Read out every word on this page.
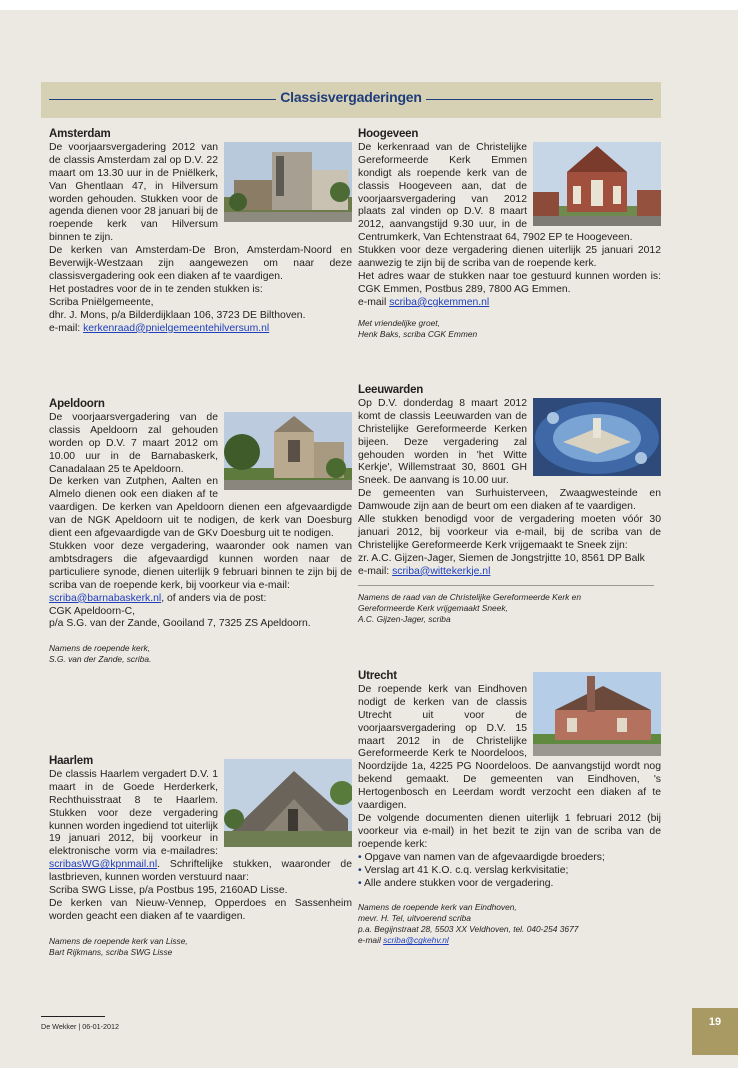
Classisvergaderingen
Amsterdam

De voorjaarsvergadering 2012 van de classis Amsterdam zal op D.V. 22 maart om 13.30 uur in de Pniëlkerk, Van Ghentlaan 47, in Hilversum worden gehouden. Stukken voor de agenda dienen voor 28 januari bij de roepende kerk van Hilversum binnen te zijn.

De kerken van Amsterdam-De Bron, Amsterdam-Noord en Beverwijk-Westzaan zijn aangewezen om naar deze classisvergadering ook een diaken af te vaardigen.

Het postadres voor de in te zenden stukken is:

Scriba Pniëlgemeente,

dhr. J. Mons, p/a Bilderdijklaan 106, 3723 DE Bilthoven.

e-mail: kerkenraad@pnielgemeentehilversum.nl

Hoogeveen

De kerkenraad van de Christelijke Gereformeerde Kerk Emmen kondigt als roepende kerk van de classis Hoogeveen aan, dat de voorjaarsvergadering van 2012 plaats zal vinden op D.V. 8 maart 2012, aanvangstijd 9.30 uur, in de Centrumkerk, Van Echtenstraat 64, 7902 EP te Hoogeveen.

Stukken voor deze vergadering dienen uiterlijk 25 januari 2012 aanwezig te zijn bij de scriba van de roepende kerk.

Het adres waar de stukken naar toe gestuurd kunnen worden is: CGK Emmen, Postbus 289, 7800 AG Emmen.

e-mail scriba@cgkemmen.nl

Met vriendelijke groet,
Henk Baks, scriba CGK Emmen
Apeldoorn

De voorjaarsvergadering van de classis Apeldoorn zal gehouden worden op D.V. 7 maart 2012 om 10.00 uur in de Barnabaskerk, Canadalaan 25 te Apeldoorn.

De kerken van Zutphen, Aalten en Almelo dienen ook een diaken af te vaardigen. De kerken van Apeldoorn dienen een afgevaardigde van de NGK Apeldoorn uit te nodigen, de kerk van Doesburg dient een afgevaardigde van de GKv Doesburg uit te nodigen.

Stukken voor deze vergadering, waaronder ook namen van ambtsdragers die afgevaardigd kunnen worden naar de particuliere synode, dienen uiterlijk 9 februari binnen te zijn bij de scriba van de roepende kerk, bij voorkeur via e-mail:

scriba@barnabaskerk.nl, of anders via de post:

CGK Apeldoorn-C,

p/a S.G. van der Zande, Gooiland 7, 7325 ZS Apeldoorn.

Namens de roepende kerk,
S.G. van der Zande, scriba.
Leeuwarden

Op D.V. donderdag 8 maart 2012 komt de classis Leeuwarden van de Christelijke Gereformeerde Kerken bijeen. Deze vergadering zal gehouden worden in 'het Witte Kerkje', Willemstraat 30, 8601 GH Sneek. De aanvang is 10.00 uur.

De gemeenten van Surhuisterveen, Zwaagwesteinde en Damwoude zijn aan de beurt om een diaken af te vaardigen.

Alle stukken benodigd voor de vergadering moeten vóór 30 januari 2012, bij voorkeur via e-mail, bij de scriba van de Christelijke Gereformeerde Kerk vrijgemaakt te Sneek zijn:

zr. A.C. Gijzen-Jager, Siemen de Jongstrjitte 10, 8561 DP Balk

e-mail: scriba@wittekerkje.nl

Namens de raad van de Christelijke Gereformeerde Kerk en
Gereformeerde Kerk vrijgemaakt Sneek,
A.C. Gijzen-Jager, scriba
Haarlem

De classis Haarlem vergadert D.V. 1 maart in de Goede Herderkerk, Rechthuisstraat 8 te Haarlem. Stukken voor deze vergadering kunnen worden ingediend tot uiterlijk 19 januari 2012, bij voorkeur in elektronische vorm via e-mailadres: scribasWG@kpnmail.nl. Schriftelijke stukken, waaronder de lastbrieven, kunnen worden verstuurd naar:

Scriba SWG Lisse, p/a Postbus 195, 2160AD Lisse.

De kerken van Nieuw-Vennep, Opperdoes en Sassenheim worden geacht een diaken af te vaardigen.

Namens de roepende kerk van Lisse,
Bart Rijkmans, scriba SWG Lisse
Utrecht

De roepende kerk van Eindhoven nodigt de kerken van de classis Utrecht uit voor de voorjaarsvergadering op D.V. 15 maart 2012 in de Christelijke Gereformeerde Kerk te Noordeloos, Noordzijde 1a, 4225 PG Noordeloos. De aanvangstijd wordt nog bekend gemaakt. De gemeenten van Eindhoven, 's Hertogenbosch en Leerdam wordt verzocht een diaken af te vaardigen.

De volgende documenten dienen uiterlijk 1 februari 2012 (bij voorkeur via e-mail) in het bezit te zijn van de scriba van de roepende kerk:

• Opgave van namen van de afgevaardigde broeders;

• Verslag art 41 K.O. c.q. verslag kerkvisitatie;

• Alle andere stukken voor de vergadering.

Namens de roepende kerk van Eindhoven,
mevr. H. Tel, uitvoerend scriba
p.a. Begijnstraat 28, 5503 XX Veldhoven, tel. 040-254 3677
e-mail scriba@cgkehv.nl
De Wekker | 06-01-2012	19
